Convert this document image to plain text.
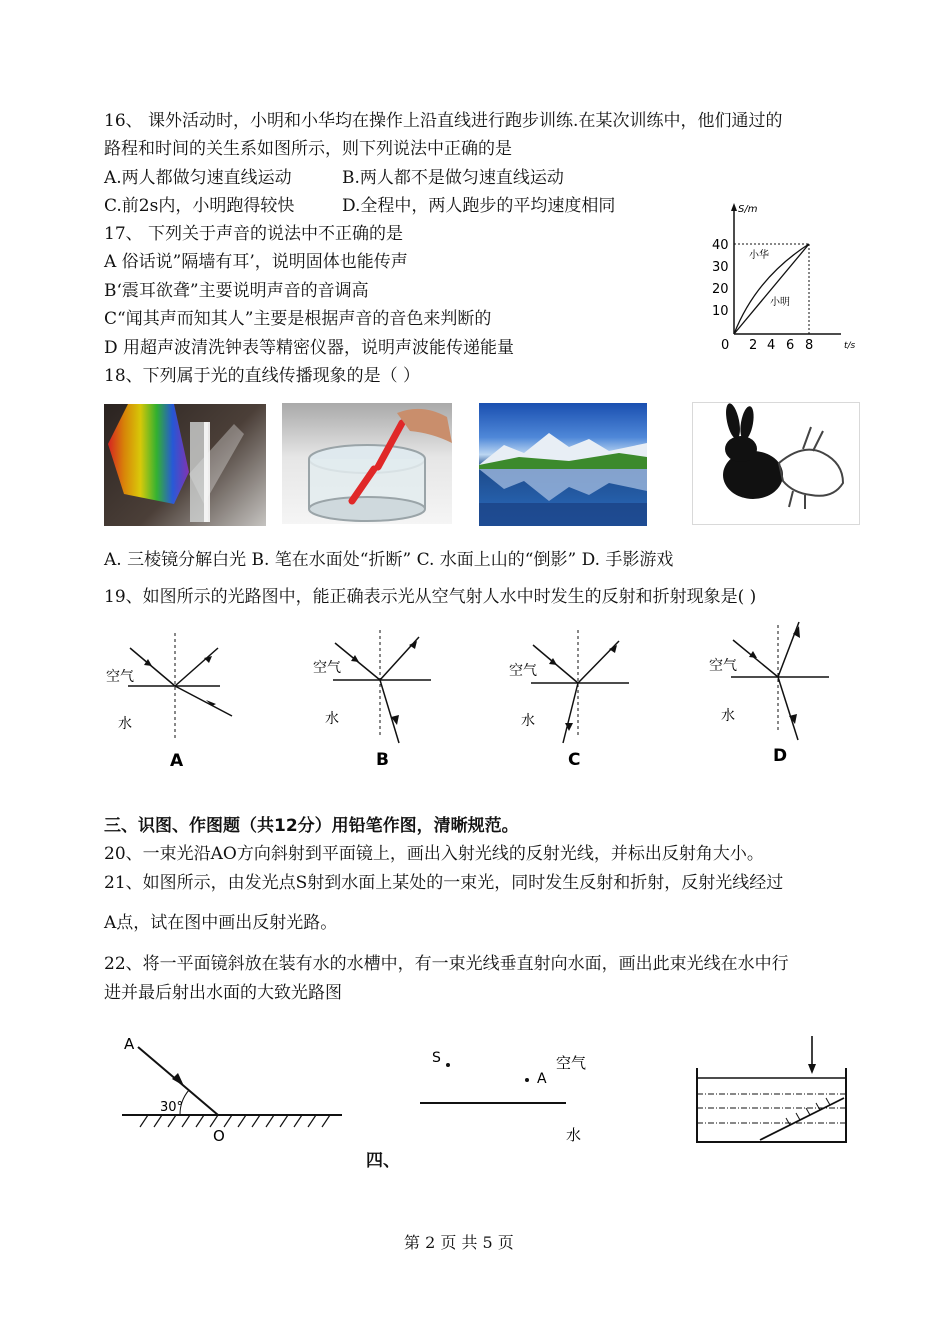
16、 课外活动时，小明和小华均在操作上沿直线进行跑步训练.在某次训练中，他们通过的
路程和时间的关生系如图所示，则下列说法中正确的是
A.两人都做匀速直线运动	B.两人都不是做匀速直线运动
C.前2s内，小明跑得较快	D.全程中，两人跑步的平均速度相同
17、 下列关于声音的说法中不正确的是
A 俗话说”隔墙有耳’，说明固体也能传声
B‘震耳欲聋”主要说明声音的音调高
C“闻其声而知其人”主要是根据声音的音色来判断的
D 用超声波清洗钟表等精密仪器，说明声波能传递能量
S/m
t/s
40
30
20
10
小华
小明
0 2 4 6 8
18、下列属于光的直线传播现象的是（ ）
A. 三棱镜分解白光 B. 笔在水面处“折断” C. 水面上山的“倒影” D. 手影游戏
19、如图所示的光路图中，能正确表示光从空气射人水中时发生的反射和折射现象是( )
空气
水
A
空气
水
B
空气
水
C
空气
水
D
三、识图、作图题（共12分）用铅笔作图，清晰规范。
20、一束光沿AO方向斜射到平面镜上，画出入射光线的反射光线，并标出反射角大小。
21、如图所示，由发光点S射到水面上某处的一束光，同时发生反射和折射，反射光线经过
A点，试在图中画出反射光路。
22、将一平面镜斜放在装有水的水槽中，有一束光线垂直射向水面，画出此束光线在水中行
进并最后射出水面的大致光路图
A
30°
O
S
A
空气
水
四、
第 2 页 共 5 页
